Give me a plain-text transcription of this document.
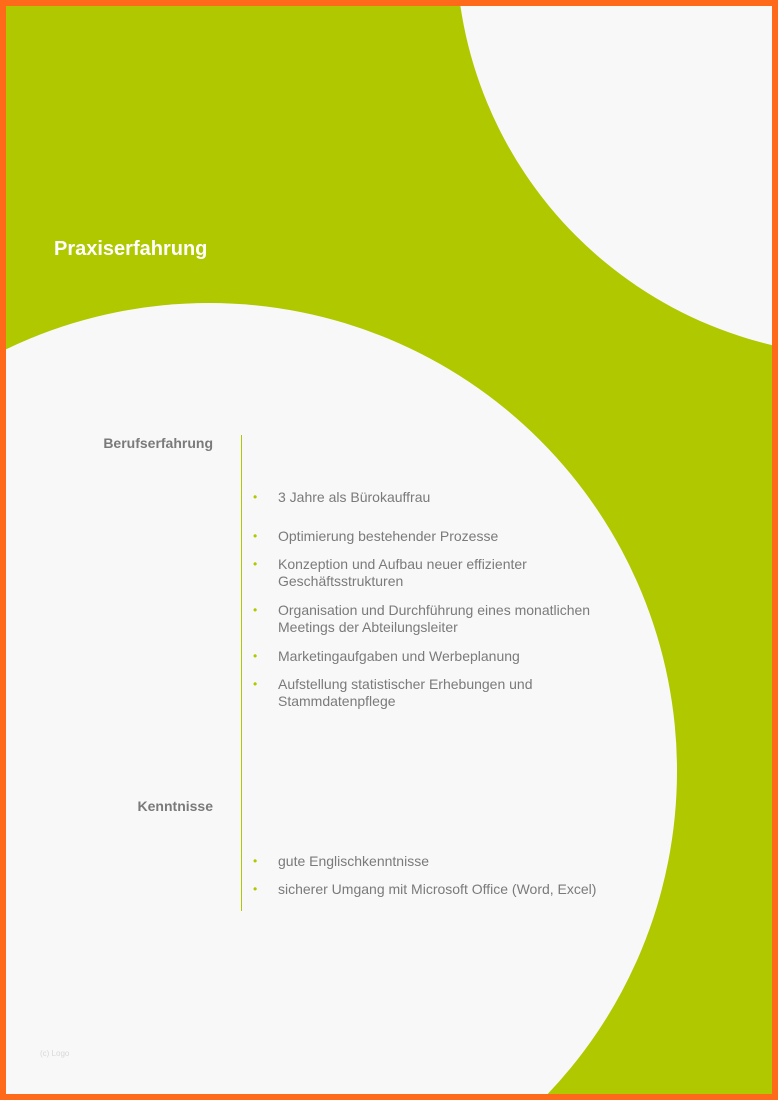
Praxiserfahrung
Berufserfahrung
• 3 Jahre als Bürokauffrau
• Optimierung bestehender Prozesse
• Konzeption und Aufbau neuer effizienter Geschäftsstrukturen
• Organisation und Durchführung eines monatlichen Meetings der Abteilungsleiter
• Marketingaufgaben und Werbeplanung
• Aufstellung statistischer Erhebungen und Stammdatenpflege
Kenntnisse
• gute Englischkenntnisse
• sicherer Umgang mit Microsoft Office (Word, Excel)
(c) Logo
